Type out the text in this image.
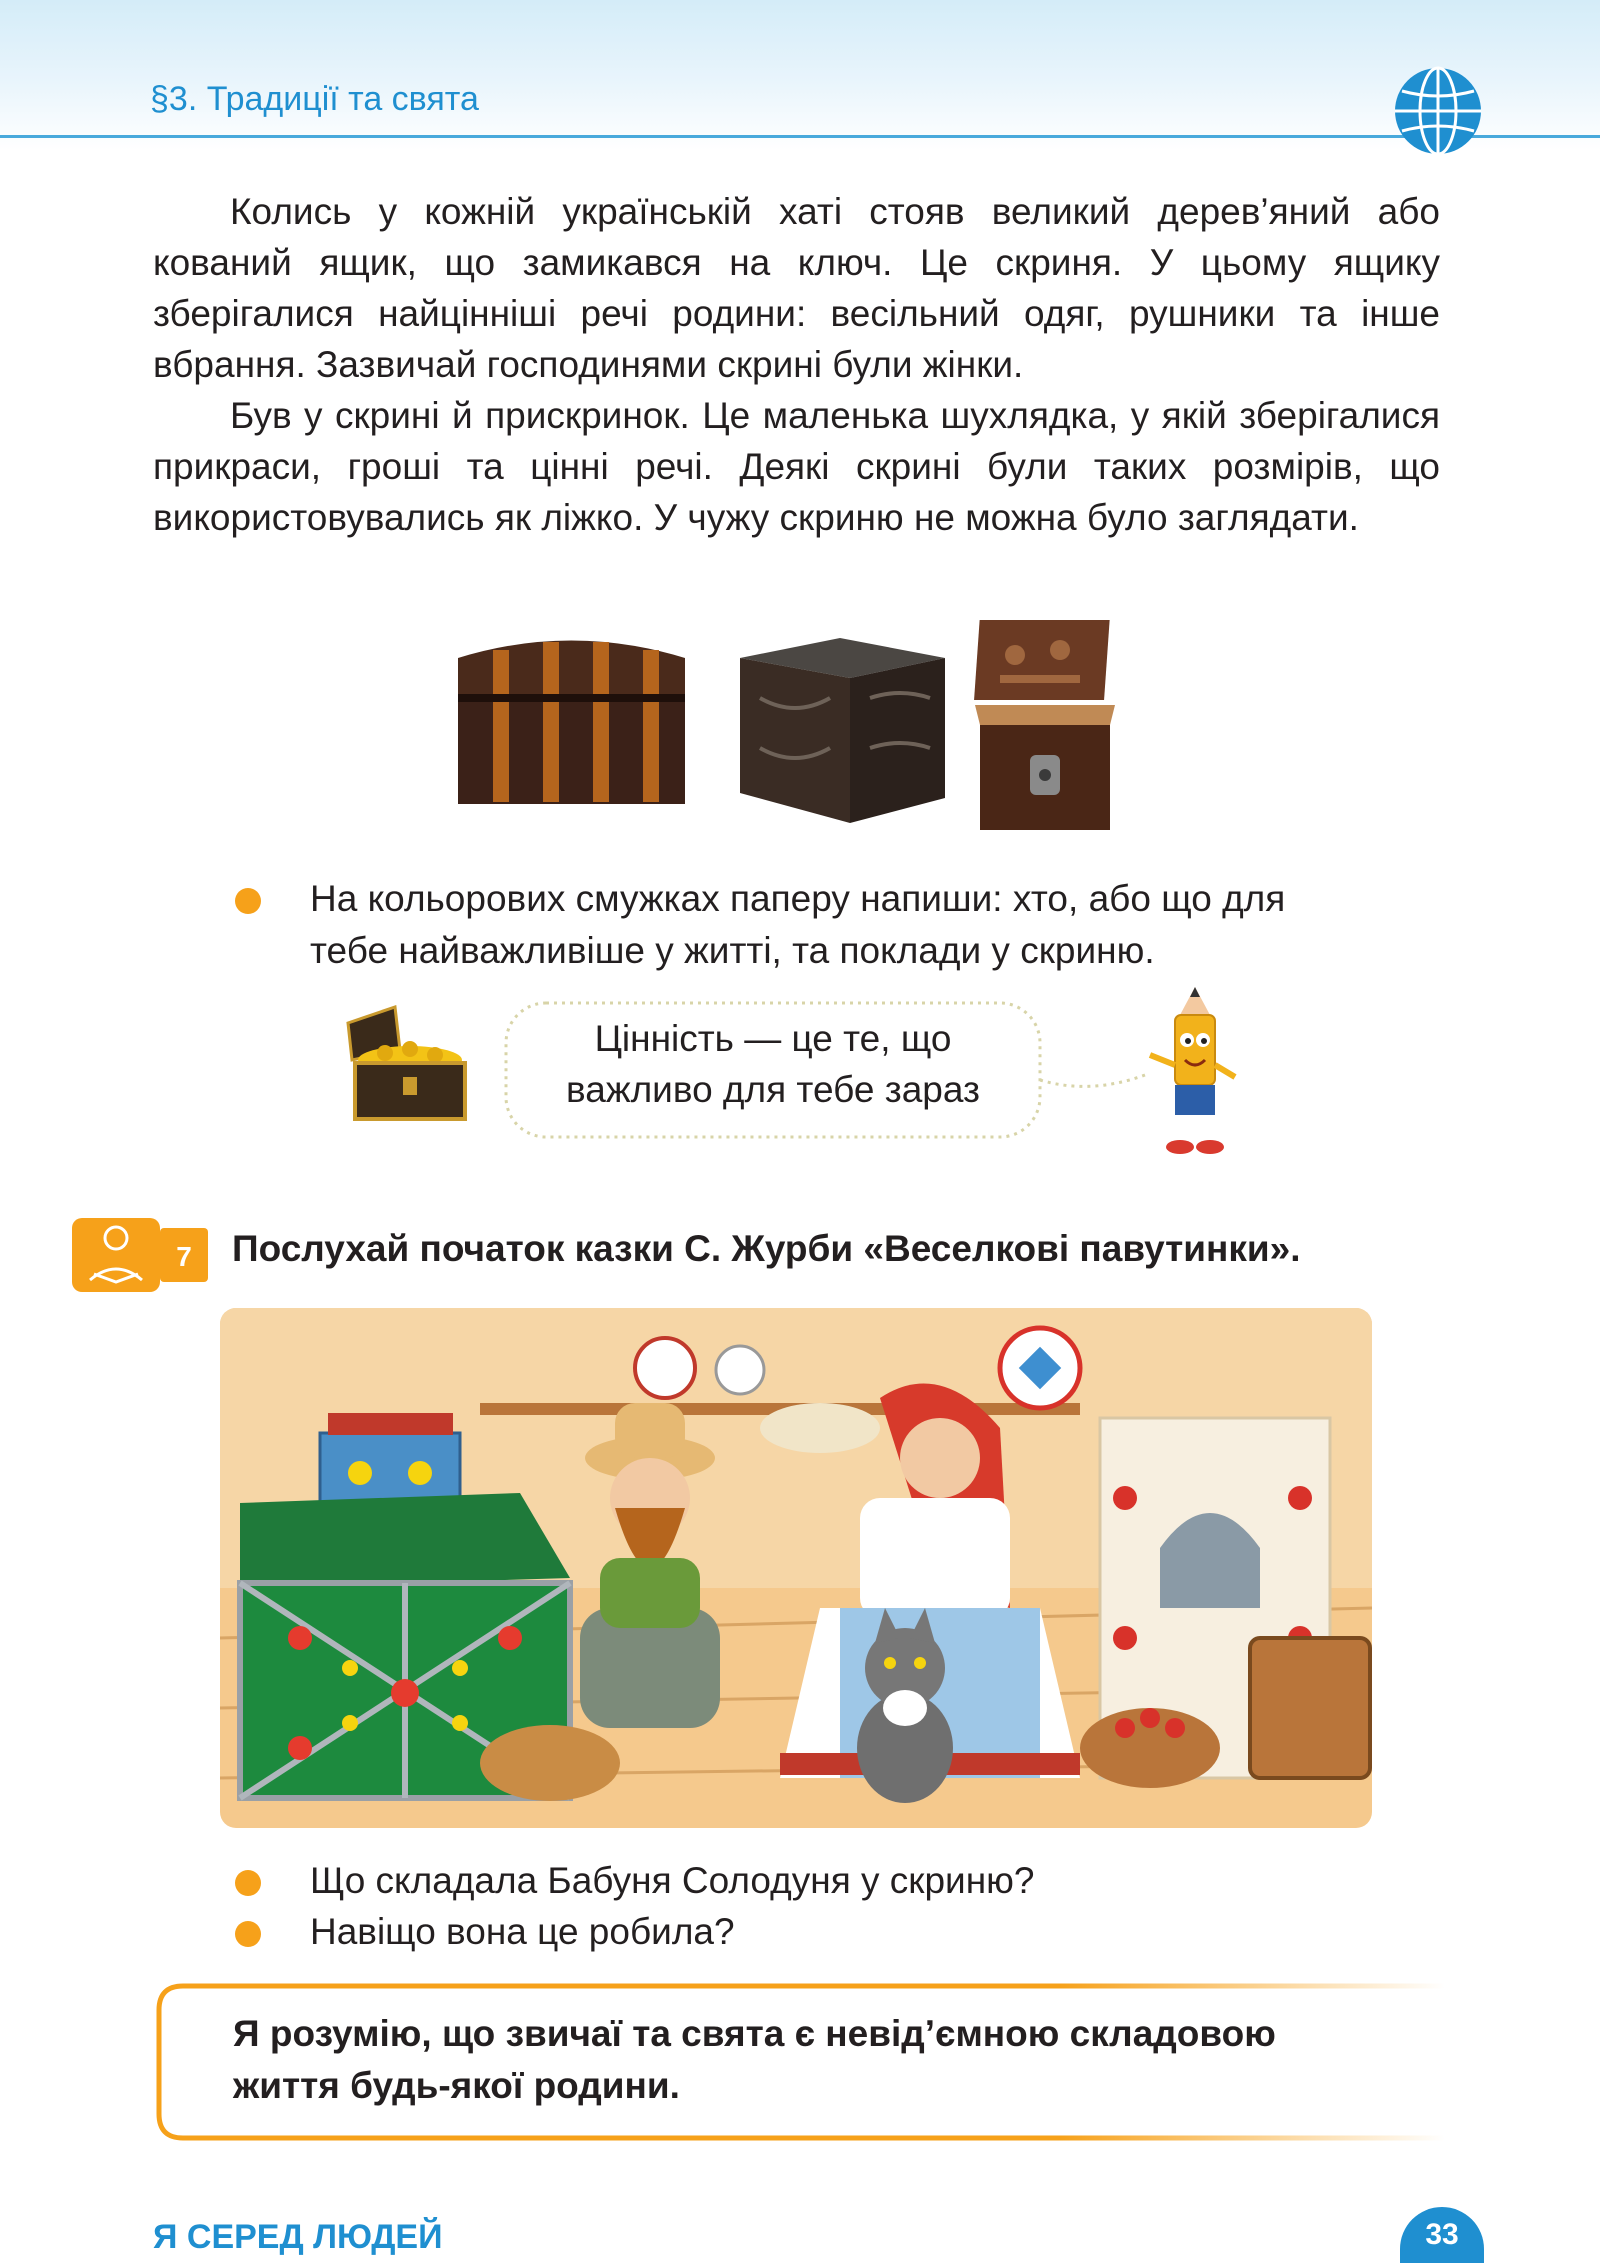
§3. Традиції та свята
Колись у кожній українській хаті стояв великий дерев’яний або кований ящик, що замикався на ключ. Це скриня. У цьому ящику зберігалися найцінніші речі родини: весільний одяг, рушники та інше вбрання. Зазвичай господинями скрині були жінки.
Був у скрині й прискринок. Це маленька шухлядка, у якій зберігалися прикраси, гроші та цінні речі. Деякі скрині були таких розмірів, що використовувались як ліжко. У чужу скриню не можна було заглядати.
На кольорових смужках паперу напиши: хто, або що для
тебе найважливіше у житті, та поклади у скриню.
Цінність — це те, що
важливо для тебе зараз
7 Послухай початок казки С. Журби «Веселкові павутинки».
Що складала Бабуня Солодуня у скриню?
Навіщо вона це робила?
Я розумію, що звичаї та свята є невід’ємною складовою
життя будь-якої родини.
Я СЕРЕД ЛЮДЕЙ	33
